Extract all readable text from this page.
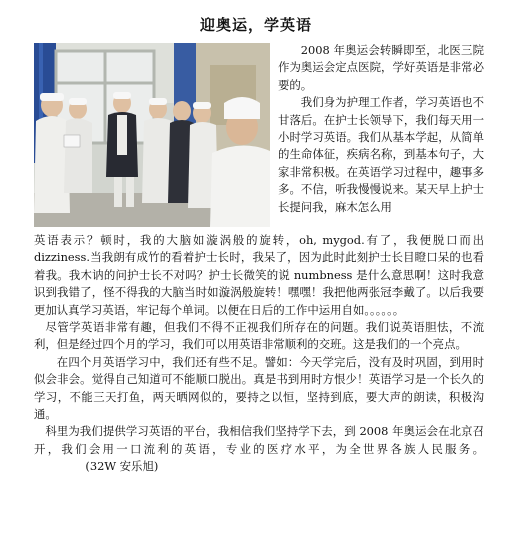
迎奥运，学英语

2008 年奥运会转瞬即至，北医三院作为奥运会定点医院，学好英语是非常必要的。

我们身为护理工作者，学习英语也不甘落后。在护士长领导下，我们每天用一小时学习英语。我们从基本学起，从简单的生命体征，疾病名称，到基本句子，大家非常积极。在英语学习过程中，趣事多多。不信，听我慢慢说来。某天早上护士长提问我，麻木怎么用

英语表示？顿时，我的大脑如漩涡般的旋转，oh, mygod.有了，我便脱口而出 dizziness.当我朗有成竹的看着护士长时，我呆了，因为此时此刻护士长目瞪口呆的也看着我。我木讷的问护士长不对吗？护士长微笑的说 numbness 是什么意思啊！这时我意识到我错了，怪不得我的大脑当时如漩涡般旋转！嘿嘿！我把他两张冠李戴了。以后我要更加认真学习英语，牢记每个单词。以便在日后的工作中运用自如。。。。。。

尽管学英语非常有趣，但我们不得不正视我们所存在的问题。我们说英语胆怯，不流利，但是经过四个月的学习，我们可以用英语非常顺利的交班。这是我们的一个亮点。

在四个月英语学习中，我们还有些不足。譬如：今天学完后，没有及时巩固，到用时似会非会。觉得自己知道可不能顺口脱出。真是书到用时方恨少！英语学习是一个长久的学习，不能三天打鱼，两天晒网似的，要持之以恒，坚持到底，要大声的朗读，积极沟通。

科里为我们提供学习英语的平台，我相信我们坚持学下去，到 2008 年奥运会在北京召开，我们会用一口流利的英语，专业的医疗水平，为全世界各族人民服务。(32W 安乐旭)
